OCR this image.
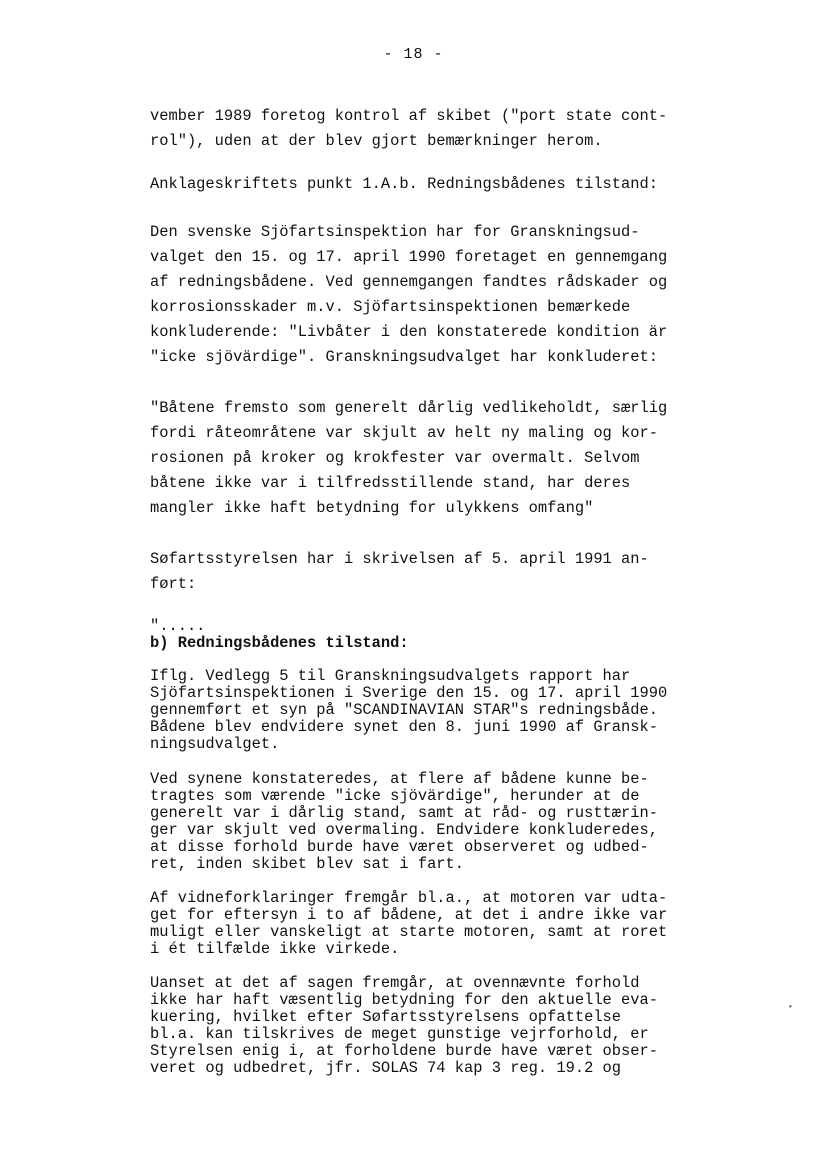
- 18 -

vember 1989 foretog kontrol af skibet ("port state cont-
rol"), uden at der blev gjort bemærkninger herom.

Anklageskriftets punkt 1.A.b. Redningsbådenes tilstand:

Den svenske Sjöfartsinspektion har for Granskningsud-
valget den 15. og 17. april 1990 foretaget en gennemgang
af redningsbådene. Ved gennemgangen fandtes rådskader og
korrosionsskader m.v. Sjöfartsinspektionen bemærkede
konkluderende: "Livbåter i den konstaterede kondition är
"icke sjövärdige". Granskningsudvalget har konkluderet:

"Båtene fremsto som generelt dårlig vedlikeholdt, særlig
fordi råteområtene var skjult av helt ny maling og kor-
rosionen på kroker og krokfester var overmalt. Selvom
båtene ikke var i tilfredsstillende stand, har deres
mangler ikke haft betydning for ulykkens omfang"

Søfartsstyrelsen har i skrivelsen af 5. april 1991 an-
ført:

".....

b) Redningsbådenes tilstand:

Iflg. Vedlegg 5 til Granskningsudvalgets rapport har
Sjöfartsinspektionen i Sverige den 15. og 17. april 1990
gennemført et syn på "SCANDINAVIAN STAR"s redningsbåde.
Bådene blev endvidere synet den 8. juni 1990 af Gransk-
ningsudvalget.

Ved synene konstateredes, at flere af bådene kunne be-
tragtes som værende "icke sjövärdige", herunder at de
generelt var i dårlig stand, samt at råd- og rusttærin-
ger var skjult ved overmaling. Endvidere konkluderedes,
at disse forhold burde have været observeret og udbed-
ret, inden skibet blev sat i fart.

Af vidneforklaringer fremgår bl.a., at motoren var udta-
get for eftersyn i to af bådene, at det i andre ikke var
muligt eller vanskeligt at starte motoren, samt at roret
i ét tilfælde ikke virkede.

Uanset at det af sagen fremgår, at ovennævnte forhold
ikke har haft væsentlig betydning for den aktuelle eva-
kuering, hvilket efter Søfartsstyrelsens opfattelse
bl.a. kan tilskrives de meget gunstige vejrforhold, er
Styrelsen enig i, at forholdene burde have været obser-
veret og udbedret, jfr. SOLAS 74 kap 3 reg. 19.2 og

•
